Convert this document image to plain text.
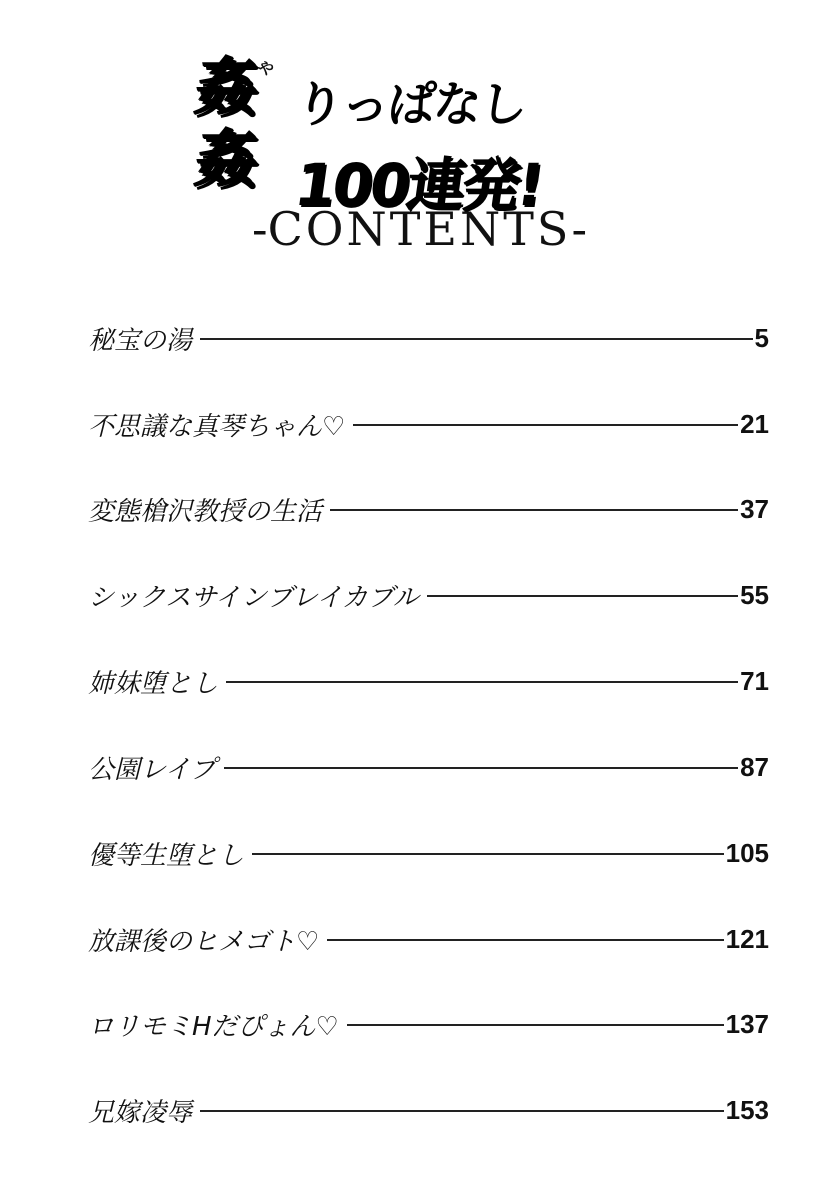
姦
姦
や
りっぱなし
100連発!
-CONTENTS-
秘宝の湯	5
不思議な真琴ちゃん♡	21
変態槍沢教授の生活	37
シックスサインブレイカブル	55
姉妹堕とし	71
公園レイプ	87
優等生堕とし	105
放課後のヒメゴト♡	121
ロリモミHだぴょん♡	137
兄嫁凌辱	153
